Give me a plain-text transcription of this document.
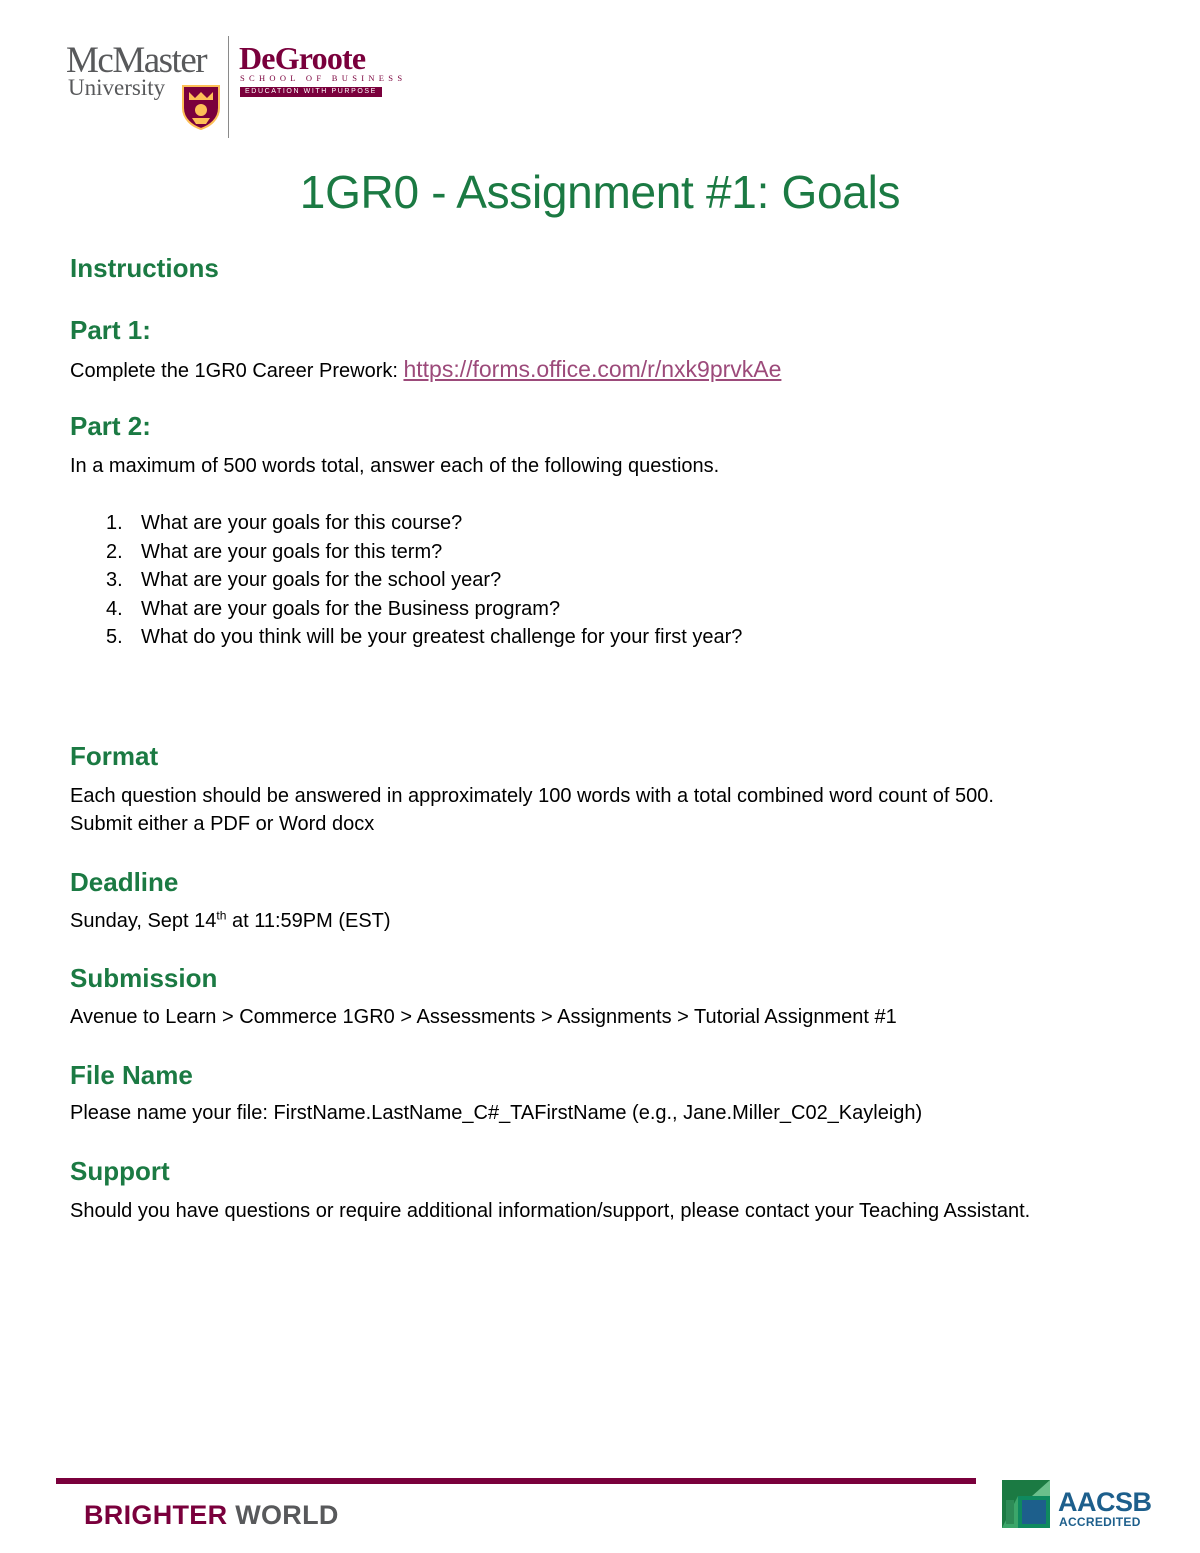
McMaster
University
DeGroote
SCHOOL OF BUSINESS
EDUCATION WITH PURPOSE
1GR0 - Assignment #1: Goals
Instructions
Part 1:

Complete the 1GR0 Career Prework: https://forms.office.com/r/nxk9prvkAe

Part 2:

In a maximum of 500 words total, answer each of the following questions.

1. What are your goals for this course?
2. What are your goals for this term?
3. What are your goals for the school year?
4. What are your goals for the Business program?
5. What do you think will be your greatest challenge for your first year?
Format

Each question should be answered in approximately 100 words with a total combined word count of 500.

Submit either a PDF or Word docx

Deadline

Sunday, Sept 14th at 11:59PM (EST)

Submission

Avenue to Learn > Commerce 1GR0 > Assessments > Assignments > Tutorial Assignment #1

File Name

Please name your file: FirstName.LastName_C#_TAFirstName (e.g., Jane.Miller_C02_Kayleigh)

Support

Should you have questions or require additional information/support, please contact your Teaching Assistant.

BRIGHTER WORLD	AACSB
ACCREDITED
